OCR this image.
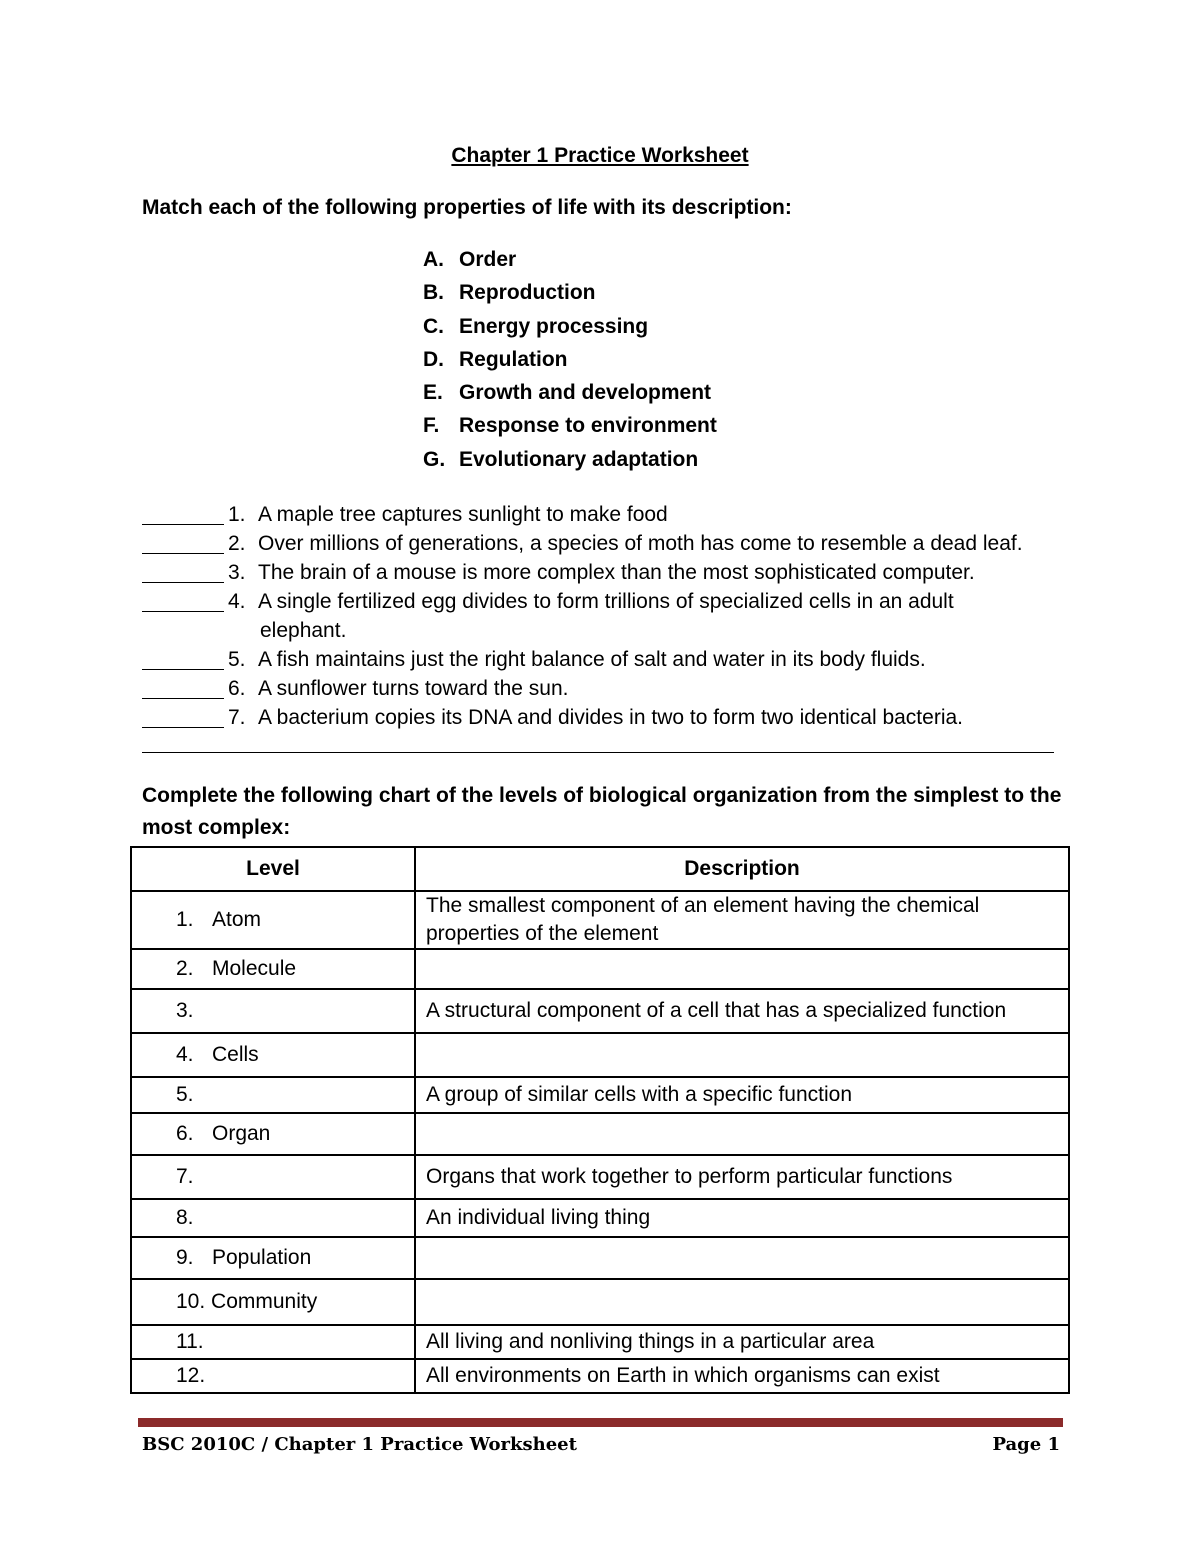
Chapter 1 Practice Worksheet
Match each of the following properties of life with its description:
A. Order
B. Reproduction
C. Energy processing
D. Regulation
E. Growth and development
F. Response to environment
G. Evolutionary adaptation
1. A maple tree captures sunlight to make food
2. Over millions of generations, a species of moth has come to resemble a dead leaf.
3. The brain of a mouse is more complex than the most sophisticated computer.
4. A single fertilized egg divides to form trillions of specialized cells in an adult
elephant.
5. A fish maintains just the right balance of salt and water in its body fluids.
6. A sunflower turns toward the sun.
7. A bacterium copies its DNA and divides in two to form two identical bacteria.
Complete the following chart of the levels of biological organization from the simplest to the most complex:
Level	Description
1. Atom	The smallest component of an element having the chemical properties of the element
2. Molecule	
3.	A structural component of a cell that has a specialized function
4. Cells	
5.	A group of similar cells with a specific function
6. Organ	
7.	Organs that work together to perform particular functions
8.	An individual living thing
9. Population	
10. Community	
11.	All living and nonliving things in a particular area
12.	All environments on Earth in which organisms can exist
BSC 2010C / Chapter 1 Practice Worksheet	Page 1
